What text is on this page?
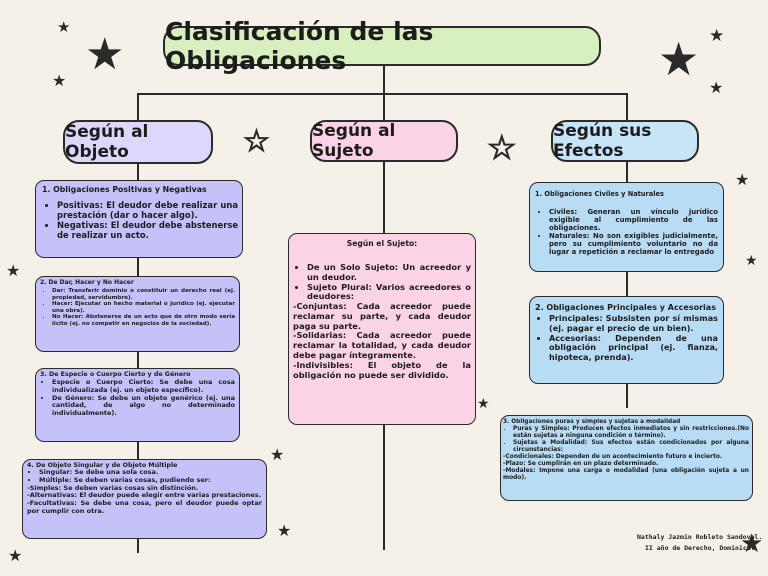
Clasificación de las Obligaciones
Según al Objeto
Según al Sujeto
Según sus Efectos

1. Obligaciones Positivas y Negativas

• Positivas: El deudor debe realizar una prestación (dar o hacer algo).
• Negativas: El deudor debe abstenerse de realizar un acto.

2. De Dar, Hacer y No Hacer

• Dar: Transferir dominio o constituir un derecho real (ej. propiedad, servidumbre).
• Hacer: Ejecutar un hecho material o jurídico (ej. ejecutar una obra).
• No Hacer: Abstenerse de un acto que de otro modo sería lícito (ej. no competir en negocios de la sociedad).

3. De Especie o Cuerpo Cierto y de Género

• Especie o Cuerpo Cierto: Se debe una cosa individualizada (ej. un objeto específico).
• De Género: Se debe un objeto genérico (ej. una cantidad, de algo no determinado individualmente).

4. De Objeto Singular y de Objeto Múltiple

• Singular: Se debe una sola cosa.
• Múltiple: Se deben varias cosas, pudiendo ser:

-Simples: Se deben varias cosas sin distinción.

-Alternativas: El deudor puede elegir entre varias prestaciones.

-Facultativas: Se debe una cosa, pero el deudor puede optar por cumplir con otra.

Según el Sujeto:

• De un Solo Sujeto: Un acreedor y un deudor.
• Sujeto Plural: Varios acreedores o deudores:

-Conjuntas: Cada acreedor puede reclamar su parte, y cada deudor paga su parte.

-Solidarias: Cada acreedor puede reclamar la totalidad, y cada deudor debe pagar íntegramente.

-Indivisibles: El objeto de la obligación no puede ser dividido.

1. Obligaciones Civiles y Naturales

• Civiles: Generan un vínculo jurídico exigible al cumplimiento de las obligaciones.
• Naturales: No son exigibles judicialmente, pero su cumplimiento voluntario no da lugar a repetición a reclamar lo entregado

2. Obligaciones Principales y Accesorias

• Principales: Subsisten por sí mismas (ej. pagar el precio de un bien).
• Accesorias: Dependen de una obligación principal (ej. fianza, hipoteca, prenda).

3. Obligaciones puras y simples y sujetas a modalidad

• Puras y Simples: Producen efectos inmediatos y sin restricciones.(No están sujetas a ninguna condición o término).
• Sujetas a Modalidad: Sus efectos están condicionados por alguna circunstancias:

-Condicionales: Dependen de un acontecimiento futuro e incierto.

-Plazo: Se cumplirán en un plazo determinado.

-Modales: Impone una carga o modalidad (una obligación sujeta a un modo).

Nathaly Jazmin Robleto Sandoval.
II año de Derecho, Dominical.
★
★
★	★ ★
★
☆	☆
★
★
★
★
★
★
★
★
